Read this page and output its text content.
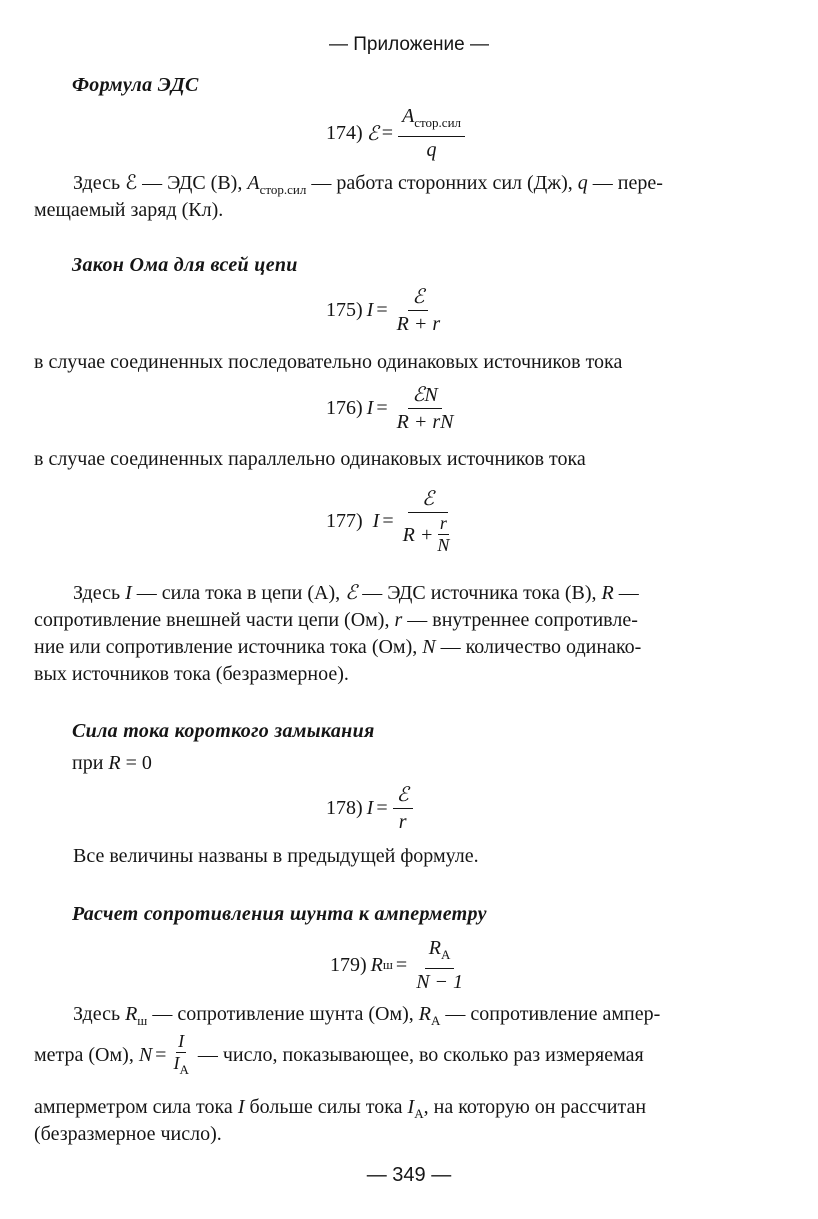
— Приложение —
Формула ЭДС
174) ℰ = $\frac{A_{стор.сил}}{q}$
Здесь ℰ — ЭДС (В), $A_{стор.сил}$ — работа сторонних сил (Дж), q — пере-
мещаемый заряд (Кл).
Закон Ома для всей цепи
175) $I = \frac{\text{ℰ}}{R + r}$
в случае соединенных последовательно одинаковых источников тока
176) $I = \frac{\text{ℰN}}{R + rN}$
в случае соединенных параллельно одинаковых источников тока
177) $I = \frac{\text{ℰ}}{R + \frac{r}{N}}$
Здесь I — сила тока в цепи (А), ℰ — ЭДС источника тока (В), R —
сопротивление внешней части цепи (Ом), r — внутреннее сопротивле-
ние или сопротивление источника тока (Ом), N — количество одинако-
вых источников тока (безразмерное).
Сила тока короткого замыкания
при R = 0
178) $I = \frac{\text{ℰ}}{r}$
Все величины названы в предыдущей формуле.
Расчет сопротивления шунта к амперметру
179) R $ш = \frac{R_А}{N - 1}$
Здесь $R_ш$ — сопротивление шунта (Ом), $R_А$ — сопротивление ампер-
метра (Ом),
$N = \frac{I}{I_A}$
— число, показывающее, во сколько раз измеряемая
амперметром сила тока I больше силы тока $I_A$, на которую он рассчитан
(безразмерное число).
— 349 —
